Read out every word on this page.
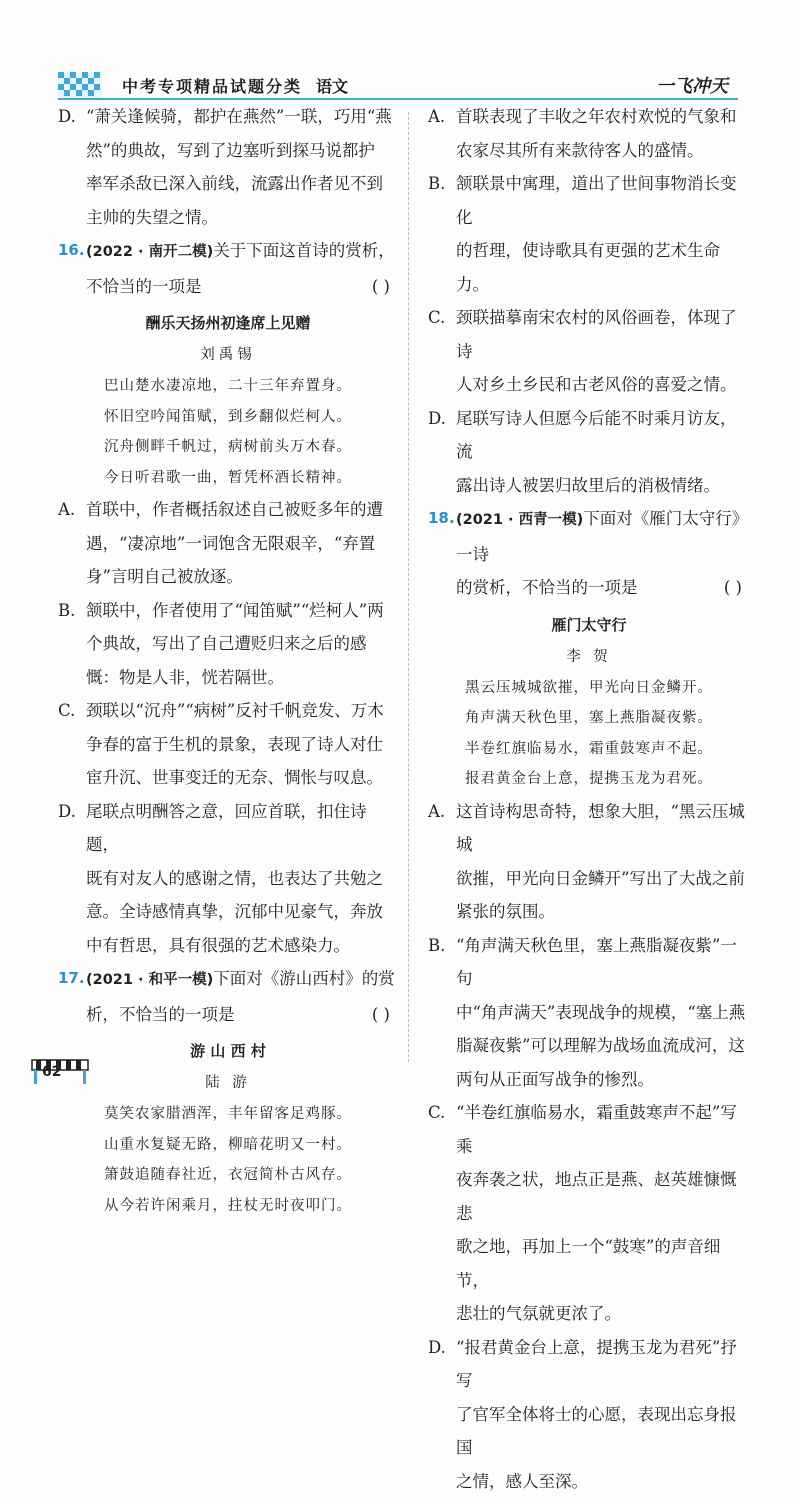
中考专项精品试题分类 语文	一飞冲天
D. “萧关逢候骑，都护在燕然”一联，巧用“燕
然”的典故，写到了边塞听到探马说都护
率军杀敌已深入前线，流露出作者见不到
主帅的失望之情。
16. (2022 · 南开二模)关于下面这首诗的赏析，
不恰当的一项是	( )
酬乐天扬州初逢席上见赠
刘禹锡
巴山楚水凄凉地，二十三年弃置身。
怀旧空吟闻笛赋，到乡翻似烂柯人。
沉舟侧畔千帆过，病树前头万木春。
今日听君歌一曲，暂凭杯酒长精神。
A. 首联中，作者概括叙述自己被贬多年的遭
遇，“凄凉地”一词饱含无限艰辛，“弃置
身”言明自己被放逐。
B. 颔联中，作者使用了“闻笛赋”“烂柯人”两
个典故，写出了自己遭贬归来之后的感
慨：物是人非，恍若隔世。
C. 颈联以“沉舟”“病树”反衬千帆竞发、万木
争春的富于生机的景象，表现了诗人对仕
宦升沉、世事变迁的无奈、惆怅与叹息。
D. 尾联点明酬答之意，回应首联，扣住诗题，
既有对友人的感谢之情，也表达了共勉之
意。全诗感情真挚，沉郁中见豪气，奔放
中有哲思，具有很强的艺术感染力。
17. (2021 · 和平一模)下面对《游山西村》的赏
析，不恰当的一项是	( )
游 山 西 村
陆 游
莫笑农家腊酒浑，丰年留客足鸡豚。
山重水复疑无路，柳暗花明又一村。
箫鼓追随春社近，衣冠简朴古风存。
从今若许闲乘月，拄杖无时夜叩门。
A. 首联表现了丰收之年农村欢悦的气象和
农家尽其所有来款待客人的盛情。
B. 颔联景中寓理，道出了世间事物消长变化
的哲理，使诗歌具有更强的艺术生命力。
C. 颈联描摹南宋农村的风俗画卷，体现了诗
人对乡土乡民和古老风俗的喜爱之情。
D. 尾联写诗人但愿今后能不时乘月访友，流
露出诗人被罢归故里后的消极情绪。
18. (2021 · 西青一模)下面对《雁门太守行》一诗
的赏析，不恰当的一项是	( )
雁门太守行
李 贺
黑云压城城欲摧，甲光向日金鳞开。
角声满天秋色里，塞上燕脂凝夜紫。
半卷红旗临易水，霜重鼓寒声不起。
报君黄金台上意，提携玉龙为君死。
A. 这首诗构思奇特，想象大胆，“黑云压城城
欲摧，甲光向日金鳞开”写出了大战之前
紧张的氛围。
B. “角声满天秋色里，塞上燕脂凝夜紫”一句
中“角声满天”表现战争的规模，“塞上燕
脂凝夜紫”可以理解为战场血流成河，这
两句从正面写战争的惨烈。
C. “半卷红旗临易水，霜重鼓寒声不起”写乘
夜奔袭之状，地点正是燕、赵英雄慷慨悲
歌之地，再加上一个“鼓寒”的声音细节，
悲壮的气氛就更浓了。
D. “报君黄金台上意，提携玉龙为君死”抒写
了官军全体将士的心愿，表现出忘身报国
之情，感人至深。
62
